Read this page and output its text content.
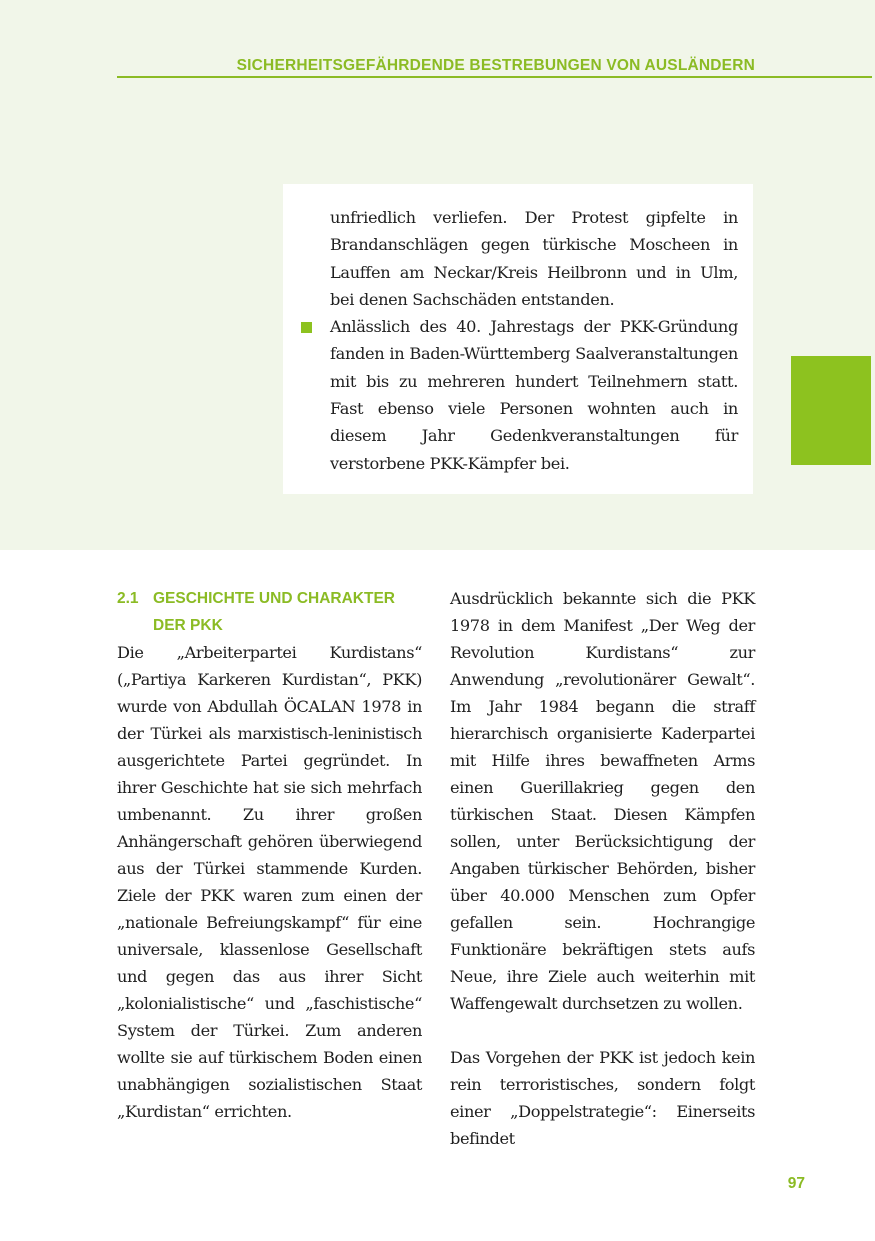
SICHERHEITSGEFÄHRDENDE BESTREBUNGEN VON AUSLÄNDERN

unfriedlich verliefen. Der Protest gipfelte in Brandanschlägen gegen türkische Moscheen in Lauffen am Neckar/Kreis Heilbronn und in Ulm, bei denen Sachschäden entstanden.

Anlässlich des 40. Jahrestags der PKK-Gründung fanden in Baden-Württemberg Saalveranstaltungen mit bis zu mehreren hundert Teilnehmern statt. Fast ebenso viele Personen wohnten auch in diesem Jahr Gedenkveranstaltungen für verstorbene PKK-Kämpfer bei.

2.1 GESCHICHTE UND CHARAKTER DER PKK

Die „Arbeiterpartei Kurdistans“ („Partiya Karkeren Kurdistan“, PKK) wurde von Abdullah ÖCALAN 1978 in der Türkei als marxistisch-leninistisch ausgerichtete Partei gegründet. In ihrer Geschichte hat sie sich mehrfach umbenannt. Zu ihrer großen Anhängerschaft gehören überwiegend aus der Türkei stammende Kurden. Ziele der PKK waren zum einen der „nationale Befreiungskampf“ für eine universale, klassenlose Gesellschaft und gegen das aus ihrer Sicht „kolonialistische“ und „faschistische“ System der Türkei. Zum anderen wollte sie auf türkischem Boden einen unabhängigen sozialistischen Staat „Kurdistan“ errichten.

Ausdrücklich bekannte sich die PKK 1978 in dem Manifest „Der Weg der Revolution Kurdistans“ zur Anwendung „revolutionärer Gewalt“. Im Jahr 1984 begann die straff hierarchisch organisierte Kaderpartei mit Hilfe ihres bewaffneten Arms einen Guerillakrieg gegen den türkischen Staat. Diesen Kämpfen sollen, unter Berücksichtigung der Angaben türkischer Behörden, bisher über 40.000 Menschen zum Opfer gefallen sein. Hochrangige Funktionäre bekräftigen stets aufs Neue, ihre Ziele auch weiterhin mit Waffengewalt durchsetzen zu wollen.

Das Vorgehen der PKK ist jedoch kein rein terroristisches, sondern folgt einer „Doppelstrategie“: Einerseits befindet

97
